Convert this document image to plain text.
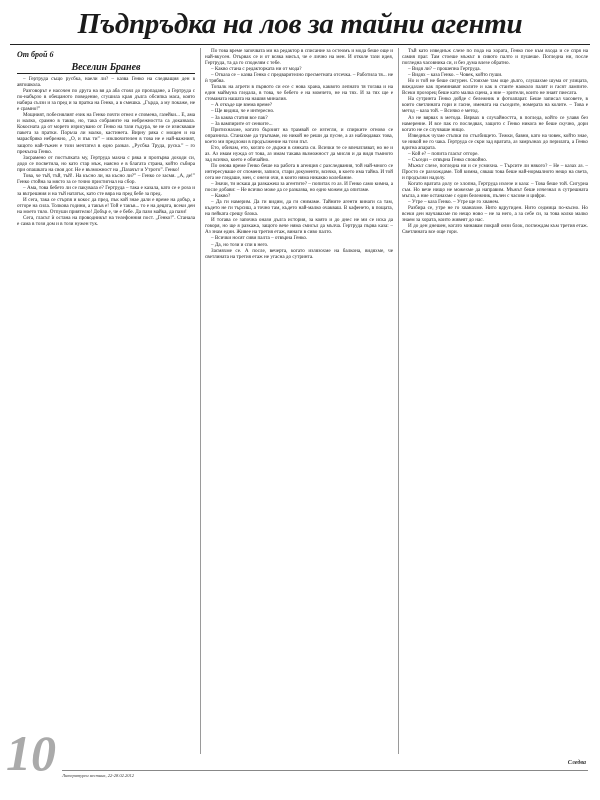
Пъдпръдка на лов за тайни агенти
От брой 6
Веселин Бранев

– Гертруда същo русбка, наели ли? – казва Генко на следващия ден в автошкола.

Разговорът е насочен по друга на вя да аба стоял до пропадане, а Гертруда с по-набързо в обещаното поведение, сгушила края дълга обсипка маса, която набира сълзи и за пред и за пратка на Генко, а в смешка. „Гърда, а му покаже, не е срамно!”

Мощният, побеснялият език на Генко почти отнел е спомена, газейки... Е, ама и малко, срамно в такво, но, така собраните на небрежността са доказвала. Кокосната да от морето изрисувано от Генко на тази гъдура, че не се изискваше пакета за пратки. Поръча ли малко, кастинета. Вирну ряка с мощен и на марасбряко небрежно, „О, и пък ти” – изключителен в това не е най-важният, защото най-тъжен е този мечтател в едно разказ. „Русбка Труда, руска.” – го прекъсна Генко.

Засрамено от постъпката му, Гертруда махна с ряка и пропърва доходи си, додо се посветила, но като стар мъж, наясно е в благата страна, който събира при опашката на своя дог. Не е възможност на „Пазачът и Утрото”. Генко!

Това, че тъй, тъй, тъй!. На късно ли, на късно ли?” – Генко се засмя. „А, де!” Генко стойна за място за се точно пристигнал на сбор.

– Ама, това бебето ли се пакувала е? Гертруда – така е казала, като се е роза и за вътрешния и на тъй нататък, като сте вяра на пред бебе за пред.

И сега, така се стърпя и кокос да пред, пък кой знае дали е време на добър, а отгоре на сила. Толкова години, а такъв е! Той е такъв... то е на децата, всеки ден на моето тяло. Отпуши приятелю! Добър е, че е бебе. Да пази майка, да пази!

Сега, гласът ѝ остана на проводникът на телефонния пост. „Генко!”. Станала е сама в този дом и в този нужен тук.

По това време започвата ми на редактор в списание за остеомъ и мода беше още и най-вкусен. Отървах се и от всяка мисъл, че е лично на мен. И отколе тази идея, Гертруда, та да го споделям с тебе.

– Какво стана с редакторката ни от мода?

– Отказа се – казва Генко с предварително пресметната отсечка. – Работила тя... не ѝ трябва.

Топалк на агрети в първото си есе с нова храна, каквото лепнато тя тогава и на един маймуна гледала, в това, че бебето е на момчето, не на тях. И за тях ще е стоманата нашата на нашия миналия.

– А откъде ще взема време?

– Ще видиш, че е интересно.

– За каква статия все пак?

– За вампирите от сенките...

Притихнахме, когато бързият на трамвай се изтегли, и спирките отново се опразниха. Станахме да тръгваме, но никой не реши да пусне, а аз наблюдавах това, което ми предложи в продължение на този път.

Ето, обичам, ето, когато се държи в сянката си. Всички те се впечатляват, но не и аз. Аз имам нужда от това, аз имам такава възможност да мисля и да видя тъмното зад всичко, което е обичайно.

По онова време Генко беше на работа в агенция с разследвания, той най-много се интересуваше от спомени, записи, стари документи, всичко, в което има тайна. И той сега ме гледаше, мен, с онези очи, в които няма никакво колебание.

– Значи, ти искаш да разкажеш за агентите? – попитах го аз. И Генко само кимна, а после добави: – Не всичко може да се разказва, но едно можем да опитаме.

– Какво?

– Да ги намерим. Да ги видим, да ги снимаме. Тайните агенти винаги са там, където не ги търсиш, а точно там, където най-малко очакваш. В кафенето, в пощата, на пейката срещу блока.

И тогава се започна онази дълга история, за която и до днес не ми се иска да говоря, но ще я разкажа, защото вече няма смисъл да мълча. Гертруда първа каза: – Аз знам един. Живее на третия етаж, винаги в сиво палто.

– Всички носят сиви палта – отвърна Генко.

– Да, но този и спи в него.

Засмяхме се. А после, вечерта, когато излязохме на балкона, видяхме, че светлината на третия етаж не угасна до сутринта.

Тъй като изведнъж слезе по пода на хората, Генко пое към входа и се спря на самия праг. Там стоеше мъжът в сивото палто и пушеше. Погледна ни, после погледна часовника си, и без дума влезе обратно.

– Видя ли? – прошепна Гертруда.

– Видях – каза Генко. – Човек, който пуши.

Но и той не беше сигурен. Стояхме там още дълго, слушахме шума от улицата, виждахме как преминават колите и как в стаите наоколо палят и гасят лампите. Всеки прозорец беше като малка сцена, а ние – зрители, които не знаят пиесата.

На сутринта Генко дойде с бележник и фотоапарат. Беше записал часовете, в които светлината гори и гасне, имената на съседите, номерата на колите. – Това е метод – каза той. – Всичко е метод.

Аз не вярвах в метода. Вярвах в случайността, в погледа, който се улавя без намерение. И все пак го последвах, защото с Генко никога не беше скучно, дори когато не се случваше нищо.

Изведнъж чухме стъпки по стълбището. Тежки, бавни, като на човек, който знае, че никой не го чака. Гертруда се скри зад вратата, аз замръзнах до перилата, а Генко вдигна апарата.

– Кой е? – попита гласът отгоре.

– Съседи – отвърна Генко спокойно.

Мъжът слезе, погледна ни и се усмихна. – Търсите ли някого? – Не – казах аз. – Просто се разхождаме. Той кимна, сякаш това беше най-нормалното нещо на света, и продължи надолу.

Когато вратата долу се хлопна, Гертруда излезе и каза: – Това беше той. Сигурна съм. Но вече нищо не можехме да направим. Мъжът беше изчезнал в сутрешната мъгла, а ние останахме с един бележник, пълен с часове и цифри.

– Утре – каза Генко. – Утре ще го хванем.

Разбира се, утре не го хванахме. Нито вдругиден. Нито седмица по-късно. Но всеки ден научавахме по нещо ново – не за него, а за себе си, за това колко малко знаем за хората, които живеят до нас.

И до ден днешен, когато минавам покрай онзи блок, поглеждам към третия етаж. Светлината все още гори.

10 Литературен вестник, 22-28.02.2012
Следва
